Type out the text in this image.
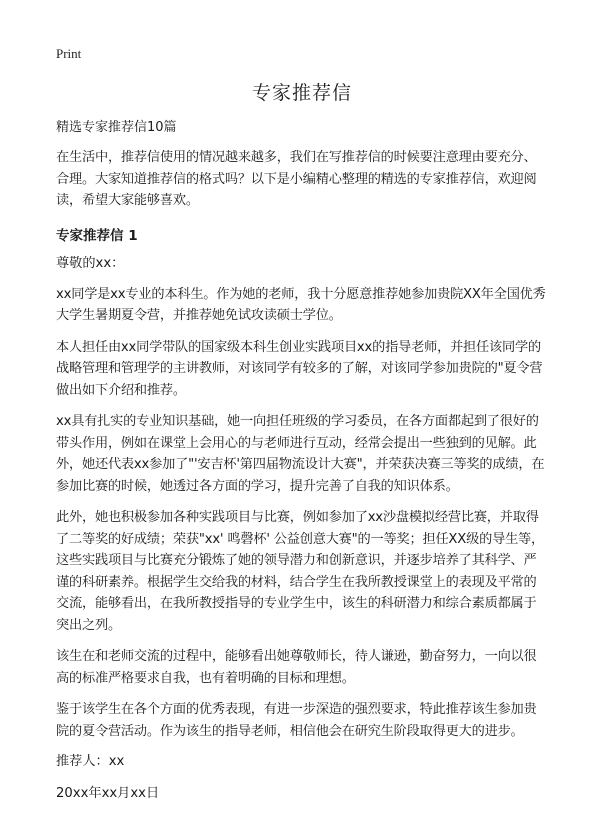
Print
专家推荐信

精选专家推荐信10篇

在生活中，推荐信使用的情况越来越多，我们在写推荐信的时候要注意理由要充分、合理。大家知道推荐信的格式吗？以下是小编精心整理的精选的专家推荐信，欢迎阅读，希望大家能够喜欢。

专家推荐信 1

尊敬的xx：

xx同学是xx专业的本科生。作为她的老师，我十分愿意推荐她参加贵院XX年全国优秀大学生暑期夏令营，并推荐她免试攻读硕士学位。

本人担任由xx同学带队的国家级本科生创业实践项目xx的指导老师，并担任该同学的战略管理和管理学的主讲教师，对该同学有较多的了解，对该同学参加贵院的"夏令营做出如下介绍和推荐。

xx具有扎实的专业知识基础，她一向担任班级的学习委员，在各方面都起到了很好的带头作用，例如在课堂上会用心的与老师进行互动，经常会提出一些独到的见解。此外，她还代表xx参加了"'安吉杯'第四届物流设计大赛"，并荣获决赛三等奖的成绩，在参加比赛的时候，她透过各方面的学习，提升完善了自我的知识体系。

此外，她也积极参加各种实践项目与比赛，例如参加了xx沙盘模拟经营比赛，并取得了二等奖的好成绩；荣获"xx' 鸣磬杯' 公益创意大赛"的一等奖；担任XX级的导生等，这些实践项目与比赛充分锻炼了她的领导潜力和创新意识，并逐步培养了其科学、严谨的科研素养。根据学生交给我的材料，结合学生在我所教授课堂上的表现及平常的交流，能够看出，在我所教授指导的专业学生中，该生的科研潜力和综合素质都属于突出之列。

该生在和老师交流的过程中，能够看出她尊敬师长，待人谦逊，勤奋努力，一向以很高的标准严格要求自我，也有着明确的目标和理想。

鉴于该学生在各个方面的优秀表现，有进一步深造的强烈要求，特此推荐该生参加贵院的夏令营活动。作为该生的指导老师，相信他会在研究生阶段取得更大的进步。

推荐人：xx

20xx年xx月xx日
